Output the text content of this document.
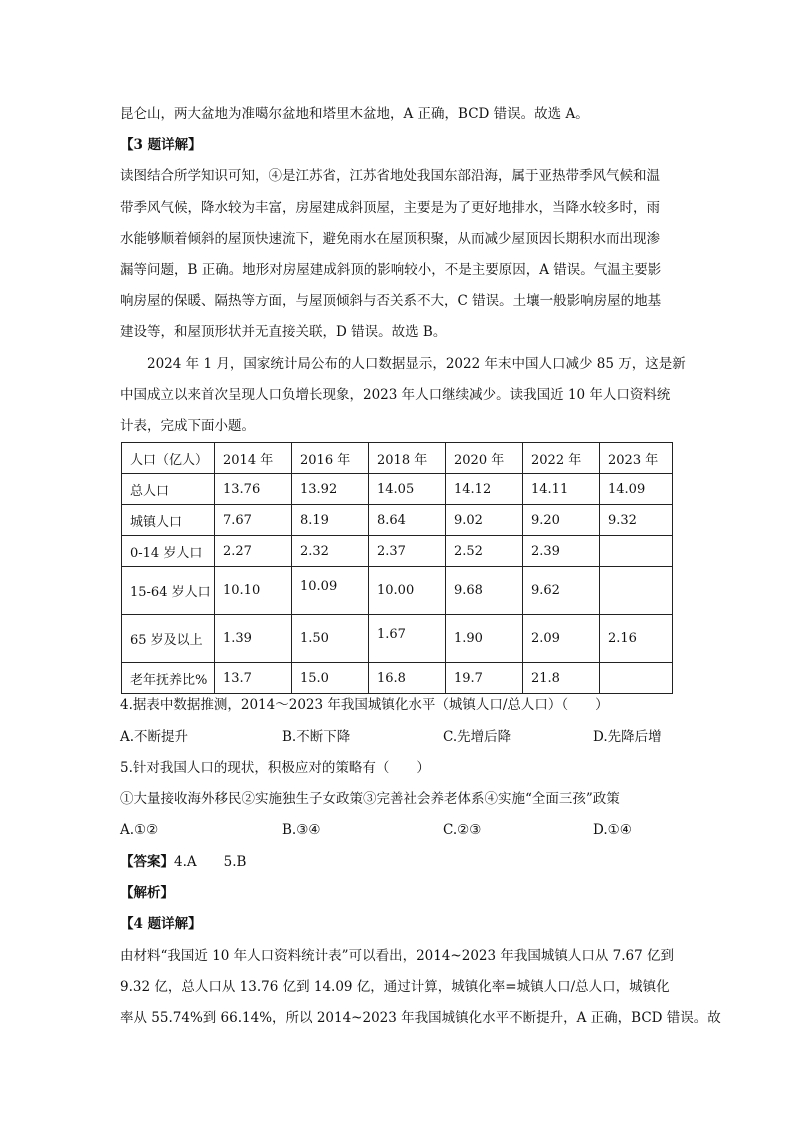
昆仑山，两大盆地为准噶尔盆地和塔里木盆地，A 正确，BCD 错误。故选 A。
【3 题详解】
读图结合所学知识可知，④是江苏省，江苏省地处我国东部沿海，属于亚热带季风气候和温
带季风气候，降水较为丰富，房屋建成斜顶屋，主要是为了更好地排水，当降水较多时，雨
水能够顺着倾斜的屋顶快速流下，避免雨水在屋顶积聚，从而减少屋顶因长期积水而出现渗
漏等问题，B 正确。地形对房屋建成斜顶的影响较小，不是主要原因，A 错误。气温主要影
响房屋的保暖、隔热等方面，与屋顶倾斜与否关系不大，C 错误。土壤一般影响房屋的地基
建设等，和屋顶形状并无直接关联，D 错误。故选 B。
2024 年 1 月，国家统计局公布的人口数据显示，2022 年末中国人口减少 85 万，这是新
中国成立以来首次呈现人口负增长现象，2023 年人口继续减少。读我国近 10 年人口资料统
计表，完成下面小题。
人口（亿人）	2014 年	2016 年	2018 年	2020 年	2022 年	2023 年
总人口	13.76	13.92	14.05	14.12	14.11	14.09
城镇人口	7.67	8.19	8.64	9.02	9.20	9.32
0-14 岁人口	2.27	2.32	2.37	2.52	2.39	
15-64 岁人口	10.10	10.09	10.00	9.68	9.62	
65 岁及以上	1.39	1.50	1.67	1.90	2.09	2.16
老年抚养比%	13.7	15.0	16.8	19.7	21.8	
4.据表中数据推测，2014～2023 年我国城镇化水平（城镇人口/总人口）（　　）
A.不断提升	B.不断下降	C.先增后降	D.先降后增
5.针对我国人口的现状，积极应对的策略有（　　）
①大量接收海外移民②实施独生子女政策③完善社会养老体系④实施“全面三孩”政策
A.①②	B.③④	C.②③	D.①④
【答案】4.A　　5.B
【解析】
【4 题详解】
由材料“我国近 10 年人口资料统计表”可以看出，2014~2023 年我国城镇人口从 7.67 亿到
9.32 亿，总人口从 13.76 亿到 14.09 亿，通过计算，城镇化率=城镇人口/总人口，城镇化
率从 55.74%到 66.14%，所以 2014~2023 年我国城镇化水平不断提升，A 正确，BCD 错误。故
